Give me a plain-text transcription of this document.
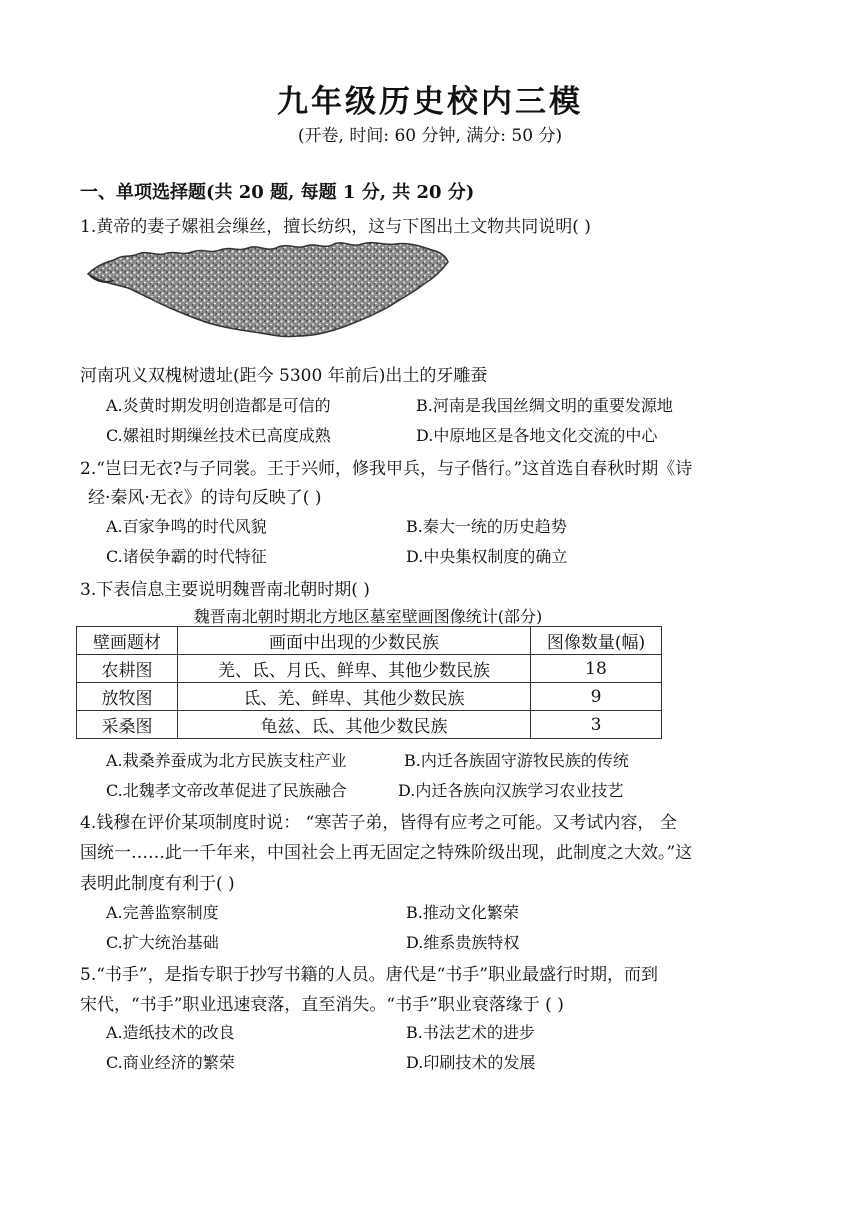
九年级历史校内三模
(开卷, 时间: 60 分钟, 满分: 50 分)
一、单项选择题(共 20 题, 每题 1 分, 共 20 分)
1.黄帝的妻子嫘祖会缫丝，擅长纺织，这与下图出土文物共同说明( )
河南巩义双槐树遗址(距今 5300 年前后)出土的牙雕蚕
A.炎黄时期发明创造都是可信的	B.河南是我国丝绸文明的重要发源地
C.嫘祖时期缫丝技术已高度成熟	D.中原地区是各地文化交流的中心
2.“岂曰无衣?与子同裳。王于兴师，修我甲兵，与子偕行。”这首选自春秋时期《诗
经·秦风·无衣》的诗句反映了( )
A.百家争鸣的时代风貌	B.秦大一统的历史趋势
C.诸侯争霸的时代特征	D.中央集权制度的确立
3.下表信息主要说明魏晋南北朝时期( )
魏晋南北朝时期北方地区墓室壁画图像统计(部分)
壁画题材	画面中出现的少数民族	图像数量(幅)
农耕图	羌、氐、月氏、鲜卑、其他少数民族	18
放牧图	氐、羌、鲜卑、其他少数民族	9
采桑图	龟兹、氐、其他少数民族	3
A.栽桑养蚕成为北方民族支柱产业	B.内迁各族固守游牧民族的传统
C.北魏孝文帝改革促进了民族融合	D.内迁各族向汉族学习农业技艺
4.钱穆在评价某项制度时说： “寒苦子弟，皆得有应考之可能。又考试内容， 全
国统一……此一千年来，中国社会上再无固定之特殊阶级出现，此制度之大效。”这
表明此制度有利于( )
A.完善监察制度	B.推动文化繁荣
C.扩大统治基础	D.维系贵族特权
5.“书手”，是指专职于抄写书籍的人员。唐代是“书手”职业最盛行时期，而到
宋代，“书手”职业迅速衰落，直至消失。“书手”职业衰落缘于 ( )
A.造纸技术的改良	B.书法艺术的进步
C.商业经济的繁荣	D.印刷技术的发展
